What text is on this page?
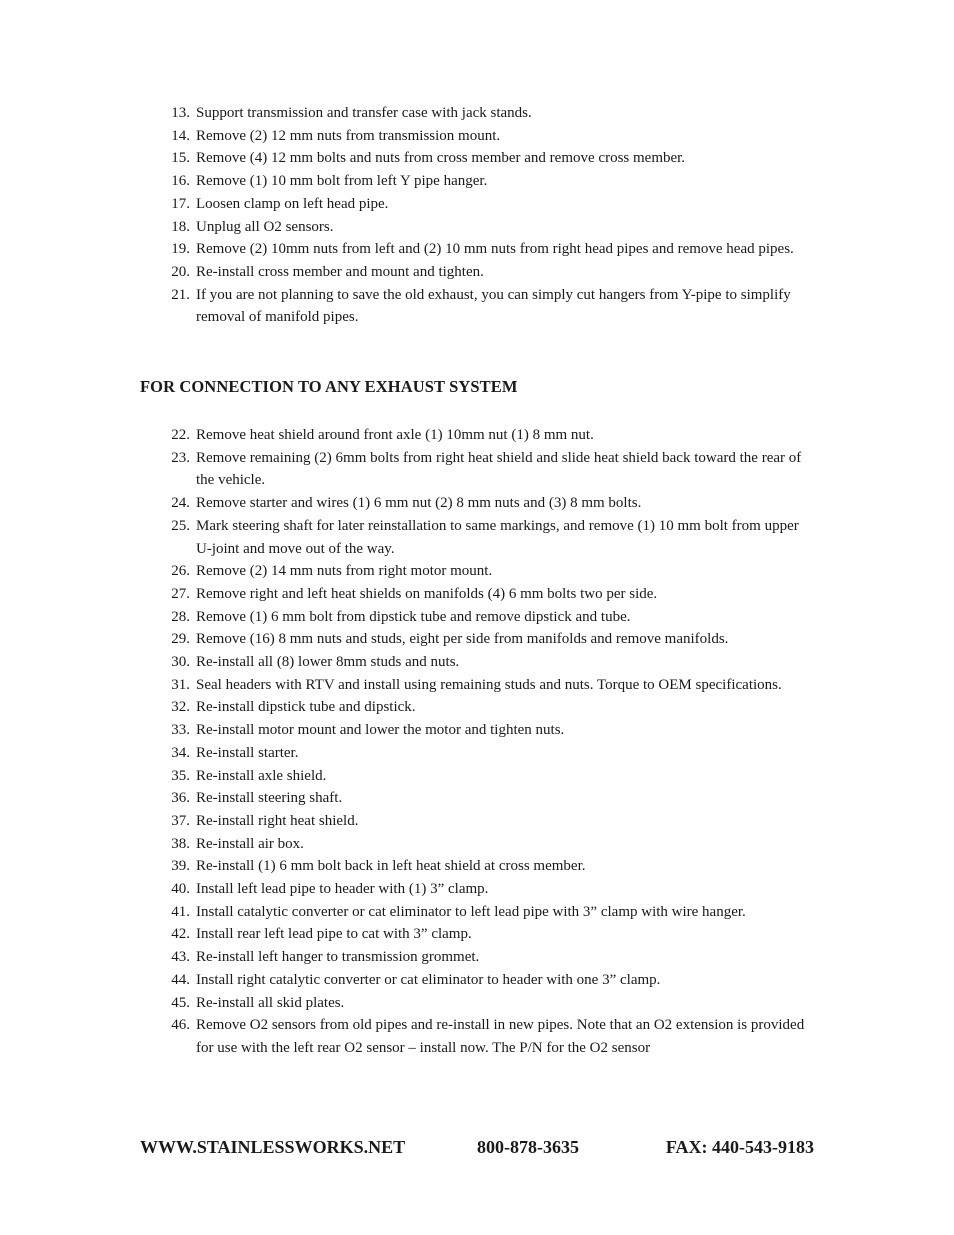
13. Support transmission and transfer case with jack stands.
14. Remove (2) 12 mm nuts from transmission mount.
15. Remove (4) 12 mm bolts and nuts from cross member and remove cross member.
16. Remove (1) 10 mm bolt from left Y pipe hanger.
17. Loosen clamp on left head pipe.
18. Unplug all O2 sensors.
19. Remove (2) 10mm nuts from left and (2) 10 mm nuts from right head pipes and remove head pipes.
20. Re-install cross member and mount and tighten.
21. If you are not planning to save the old exhaust, you can simply cut hangers from Y-pipe to simplify removal of manifold pipes.
FOR CONNECTION TO ANY EXHAUST SYSTEM
22. Remove heat shield around front axle (1) 10mm nut (1) 8 mm nut.
23. Remove remaining (2) 6mm bolts from right heat shield and slide heat shield back toward the rear of the vehicle.
24. Remove starter and wires (1) 6 mm nut (2) 8 mm nuts and (3) 8 mm bolts.
25. Mark steering shaft for later reinstallation to same markings, and remove (1) 10 mm bolt from upper U-joint and move out of the way.
26. Remove (2) 14 mm nuts from right motor mount.
27. Remove right and left heat shields on manifolds (4) 6 mm bolts two per side.
28. Remove (1) 6 mm bolt from dipstick tube and remove dipstick and tube.
29. Remove (16) 8 mm nuts and studs, eight per side from manifolds and remove manifolds.
30. Re-install all (8) lower 8mm studs and nuts.
31. Seal headers with RTV and install using remaining studs and nuts. Torque to OEM specifications.
32. Re-install dipstick tube and dipstick.
33. Re-install motor mount and lower the motor and tighten nuts.
34. Re-install starter.
35. Re-install axle shield.
36. Re-install steering shaft.
37. Re-install right heat shield.
38. Re-install air box.
39. Re-install (1) 6 mm bolt back in left heat shield at cross member.
40. Install left lead pipe to header with (1) 3” clamp.
41. Install catalytic converter or cat eliminator to left lead pipe with 3” clamp with wire hanger.
42. Install rear left lead pipe to cat with 3” clamp.
43. Re-install left hanger to transmission grommet.
44. Install right catalytic converter or cat eliminator to header with one 3” clamp.
45. Re-install all skid plates.
46. Remove O2 sensors from old pipes and re-install in new pipes. Note that an O2 extension is provided for use with the left rear O2 sensor – install now. The P/N for the O2 sensor
WWW.STAINLESSWORKS.NET	800-878-3635	FAX: 440-543-9183
